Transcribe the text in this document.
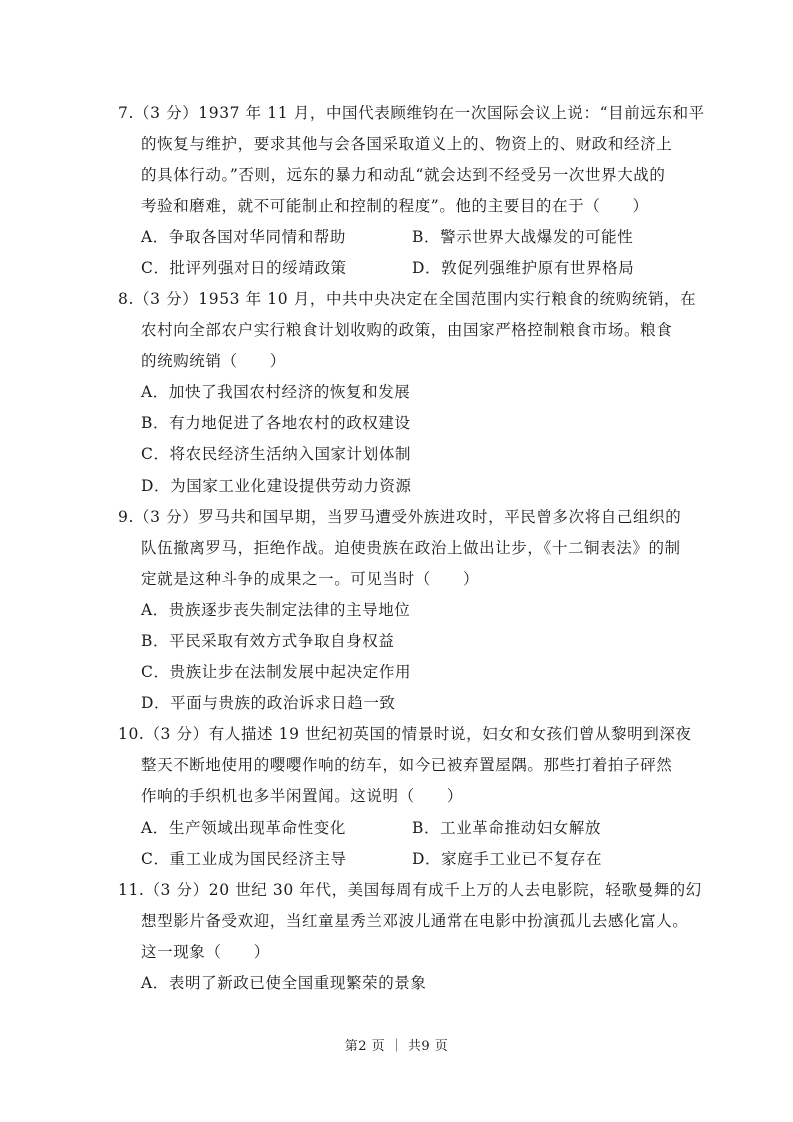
7.（3 分）1937 年 11 月，中国代表顾维钧在一次国际会议上说：“目前远东和平
的恢复与维护，要求其他与会各国采取道义上的、物资上的、财政和经济上
的具体行动。”否则，远东的暴力和动乱“就会达到不经受另一次世界大战的
考验和磨难，就不可能制止和控制的程度”。他的主要目的在于（　　）
A．争取各国对华同情和帮助	B．警示世界大战爆发的可能性
C．批评列强对日的绥靖政策	D．敦促列强维护原有世界格局
8.（3 分）1953 年 10 月，中共中央决定在全国范围内实行粮食的统购统销，在
农村向全部农户实行粮食计划收购的政策，由国家严格控制粮食市场。粮食
的统购统销（　　）
A．加快了我国农村经济的恢复和发展
B．有力地促进了各地农村的政权建设
C．将农民经济生活纳入国家计划体制
D．为国家工业化建设提供劳动力资源
9.（3 分）罗马共和国早期，当罗马遭受外族进攻时，平民曾多次将自己组织的
队伍撤离罗马，拒绝作战。迫使贵族在政治上做出让步，《十二铜表法》的制
定就是这种斗争的成果之一。可见当时（　　）
A．贵族逐步丧失制定法律的主导地位
B．平民采取有效方式争取自身权益
C．贵族让步在法制发展中起决定作用
D．平面与贵族的政治诉求日趋一致
10.（3 分）有人描述 19 世纪初英国的情景时说，妇女和女孩们曾从黎明到深夜
整天不断地使用的嘤嘤作响的纺车，如今已被弃置屋隅。那些打着拍子砰然
作响的手织机也多半闲置闻。这说明（　　）
A．生产领域出现革命性变化	B．工业革命推动妇女解放
C．重工业成为国民经济主导	D．家庭手工业已不复存在
11.（3 分）20 世纪 30 年代，美国每周有成千上万的人去电影院，轻歌曼舞的幻
想型影片备受欢迎，当红童星秀兰邓波儿通常在电影中扮演孤儿去感化富人。
这一现象（　　）
A．表明了新政已使全国重现繁荣的景象
第2 页 ｜ 共9 页
